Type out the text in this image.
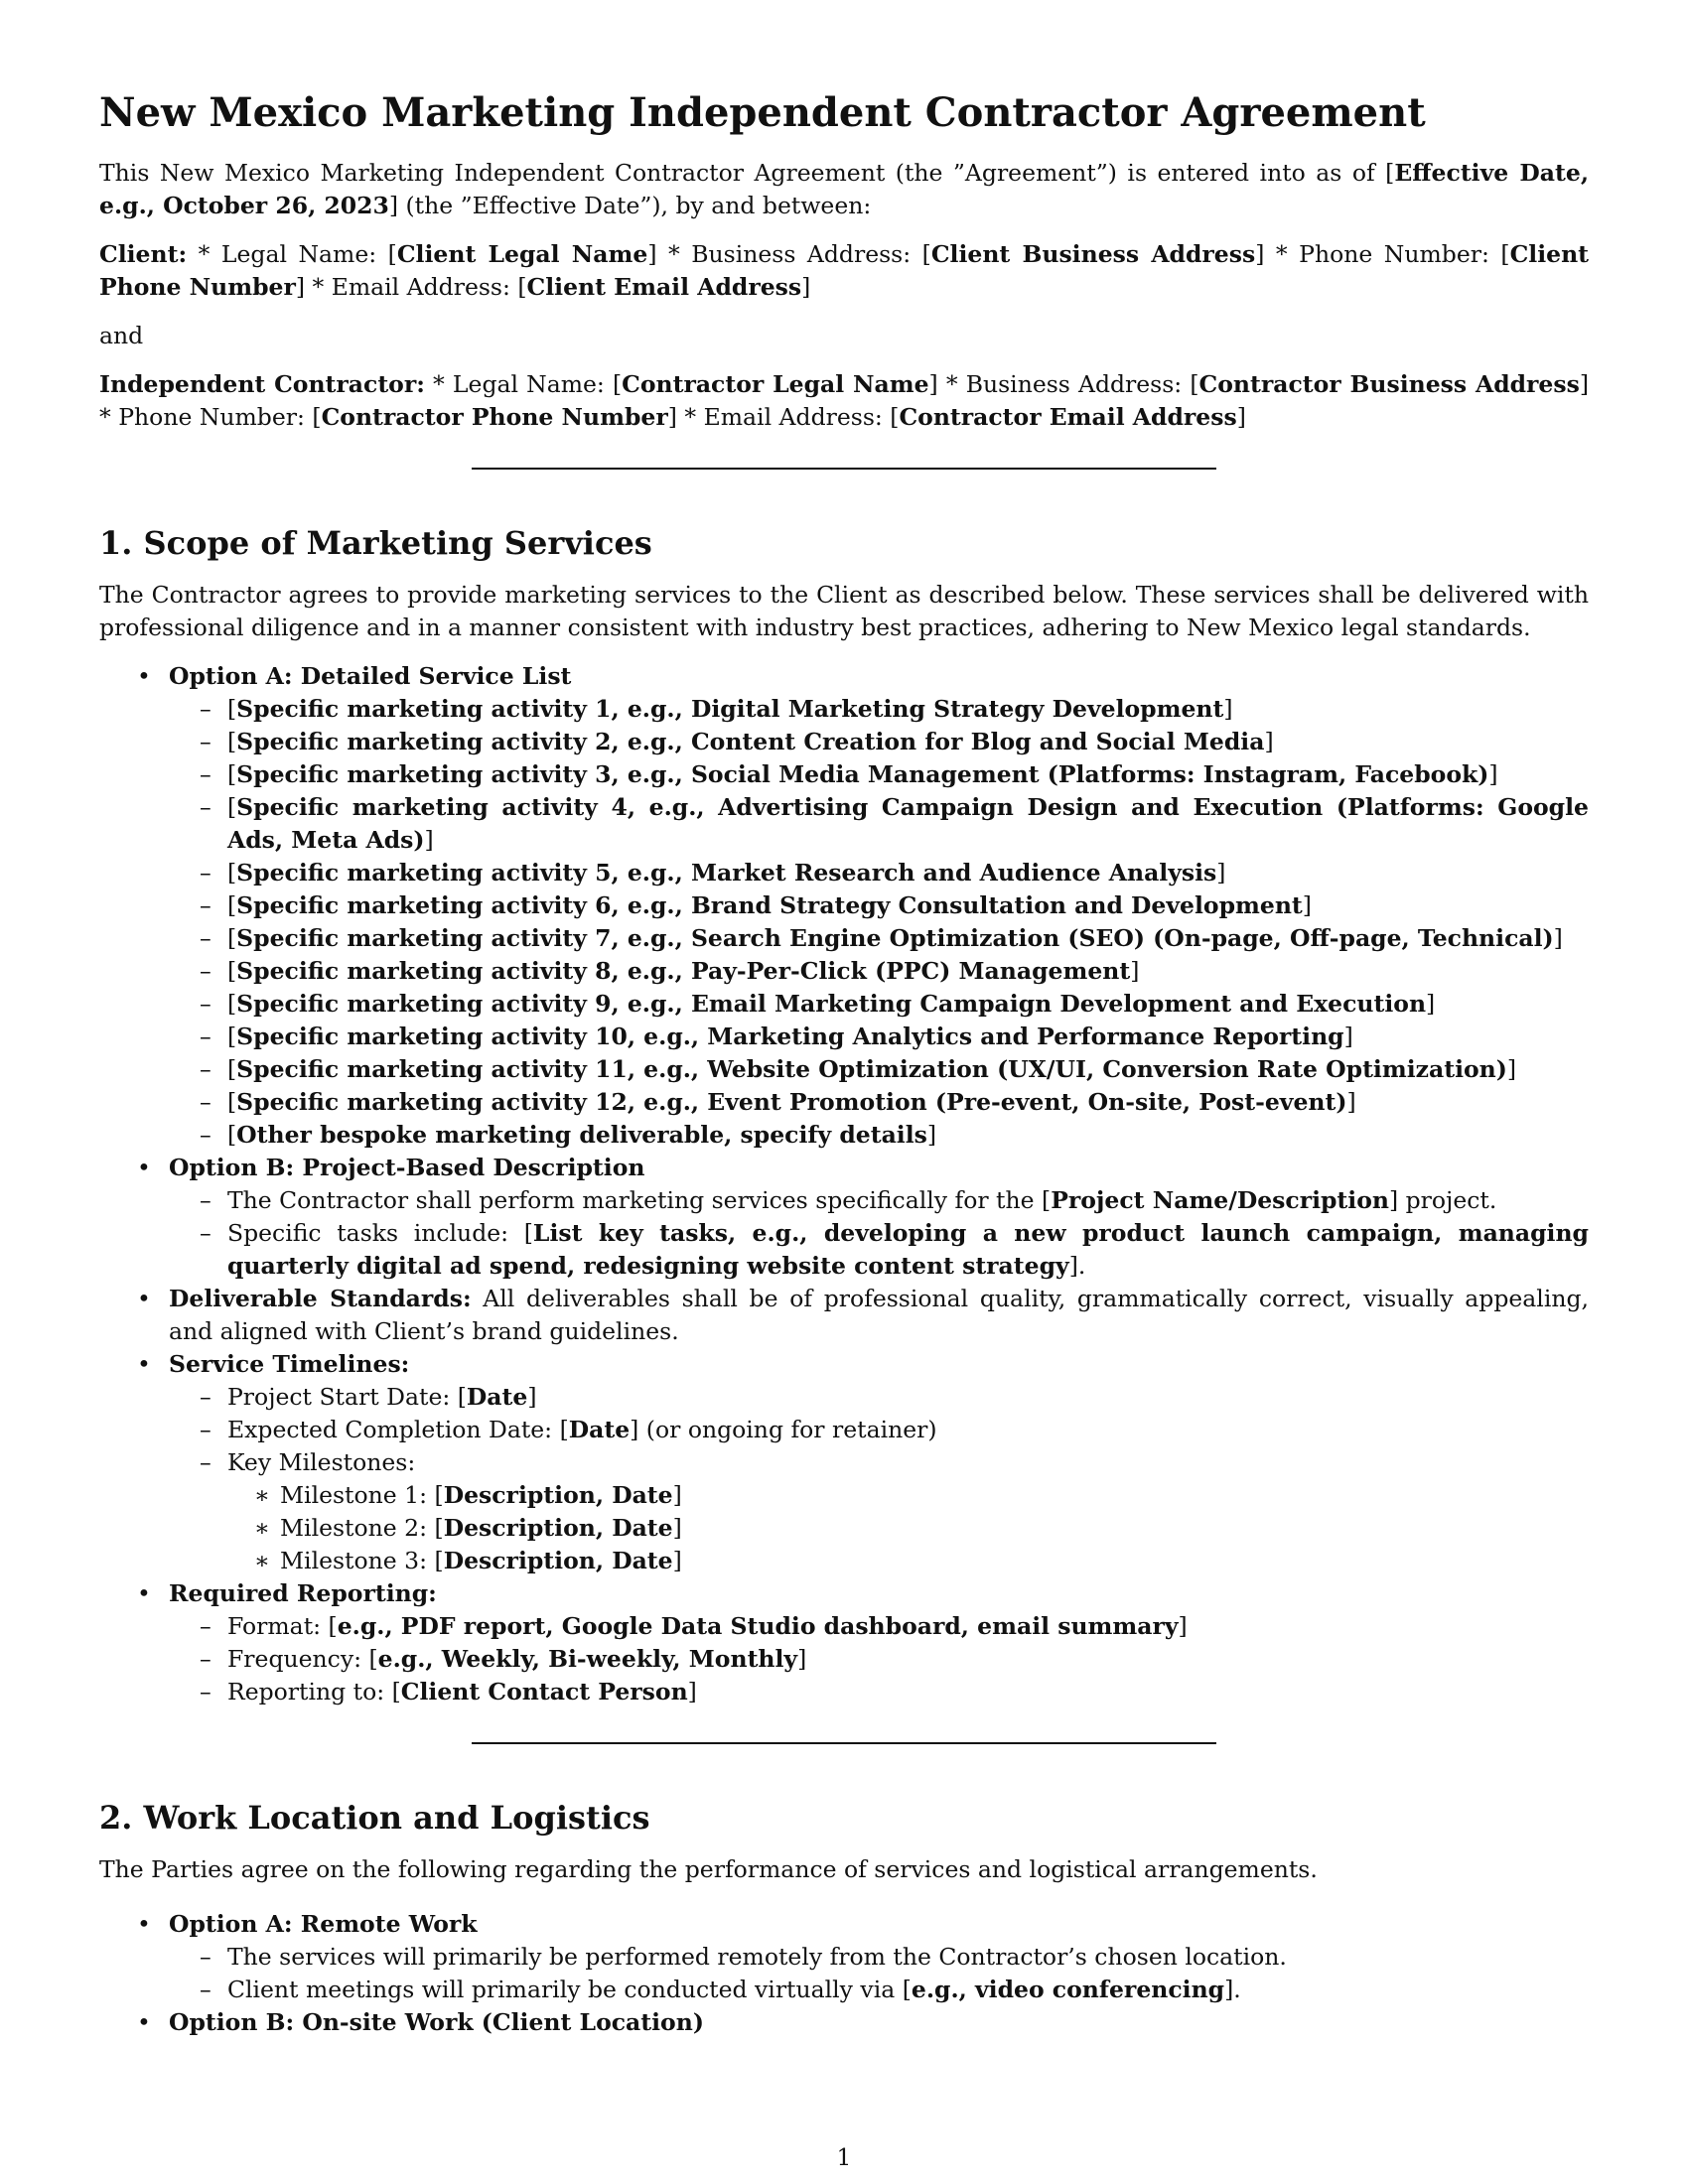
New Mexico Marketing Independent Contractor Agreement

This New Mexico Marketing Independent Contractor Agreement (the ”Agreement”) is entered into as of [Effective Date, e.g., October 26, 2023] (the ”Effective Date”), by and between:

Client: * Legal Name: [Client Legal Name] * Business Address: [Client Business Address] * Phone Number: [Client Phone Number] * Email Address: [Client Email Address]

and

Independent Contractor: * Legal Name: [Contractor Legal Name] * Business Address: [Contractor Business Address] * Phone Number: [Contractor Phone Number] * Email Address: [Contractor Email Address]

1. Scope of Marketing Services

The Contractor agrees to provide marketing services to the Client as described below. These services shall be delivered with professional diligence and in a manner consistent with industry best practices, adhering to New Mexico legal standards.

• Option A: Detailed Service List
– [Specific marketing activity 1, e.g., Digital Marketing Strategy Development]
– [Specific marketing activity 2, e.g., Content Creation for Blog and Social Media]
– [Specific marketing activity 3, e.g., Social Media Management (Platforms: Instagram, Facebook)]
– [Specific marketing activity 4, e.g., Advertising Campaign Design and Execution (Platforms: Google Ads, Meta Ads)]
– [Specific marketing activity 5, e.g., Market Research and Audience Analysis]
– [Specific marketing activity 6, e.g., Brand Strategy Consultation and Development]
– [Specific marketing activity 7, e.g., Search Engine Optimization (SEO) (On-page, Off-page, Technical)]
– [Specific marketing activity 8, e.g., Pay-Per-Click (PPC) Management]
– [Specific marketing activity 9, e.g., Email Marketing Campaign Development and Execution]
– [Specific marketing activity 10, e.g., Marketing Analytics and Performance Reporting]
– [Specific marketing activity 11, e.g., Website Optimization (UX/UI, Conversion Rate Optimization)]
– [Specific marketing activity 12, e.g., Event Promotion (Pre-event, On-site, Post-event)]
– [Other bespoke marketing deliverable, specify details]
• Option B: Project-Based Description
– The Contractor shall perform marketing services specifically for the [Project Name/Description] project.
– Specific tasks include: [List key tasks, e.g., developing a new product launch campaign, managing quarterly digital ad spend, redesigning website content strategy].
• Deliverable Standards: All deliverables shall be of professional quality, grammatically correct, visually appealing, and aligned with Client’s brand guidelines.
• Service Timelines:
– Project Start Date: [Date]
– Expected Completion Date: [Date] (or ongoing for retainer)
– Key Milestones:
∗ Milestone 1: [Description, Date]
∗ Milestone 2: [Description, Date]
∗ Milestone 3: [Description, Date]
• Required Reporting:
– Format: [e.g., PDF report, Google Data Studio dashboard, email summary]
– Frequency: [e.g., Weekly, Bi-weekly, Monthly]
– Reporting to: [Client Contact Person]
2. Work Location and Logistics

The Parties agree on the following regarding the performance of services and logistical arrangements.

• Option A: Remote Work
– The services will primarily be performed remotely from the Contractor’s chosen location.
– Client meetings will primarily be conducted virtually via [e.g., video conferencing].
• Option B: On-site Work (Client Location)
1
